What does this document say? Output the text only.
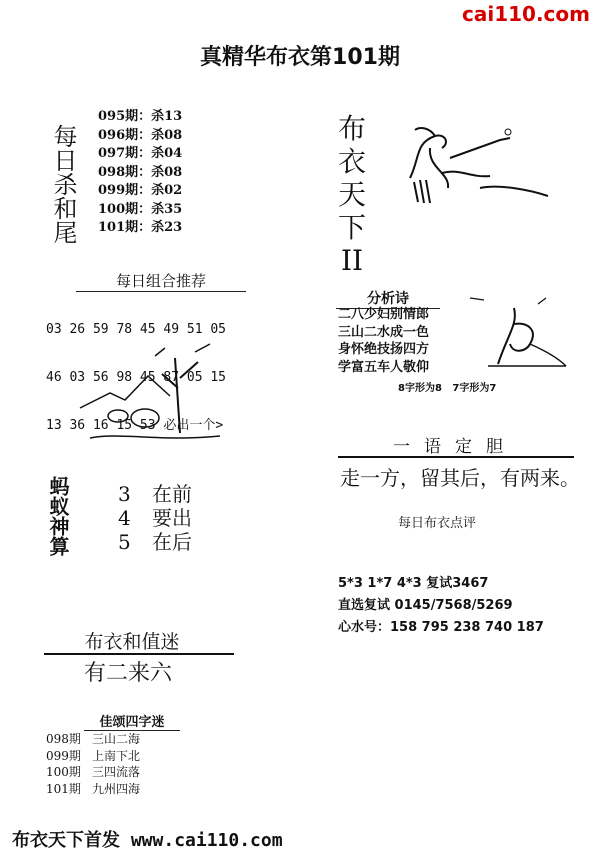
cai110.com
真精华布衣第101期
每日杀和尾
095期：杀13
096期：杀08
097期：杀04
098期：杀08
099期：杀02
100期：杀35
101期：杀23
布
衣
天
下
II
每日组合推荐

03 26 59 78 45 49 51 05

46 03 56 98 45 87 05 15

13 36 16 15 53 必出一个>

分析诗
二八少妇别情郎
三山二水成一色
身怀绝技扬四方
学富五车人敬仰
8字形为8   7字形为7
蚂蚁神算 3 在前
4 要出
5 在后
一语定胆
走一方，留其后，有两来。
每日布衣点评
5*3 1*7 4*3 复试3467
直选复试 0145/7568/5269
心水号：158 795 238 740 187
布衣和值迷
有二来六
佳颂四字迷
098期 三山二海
099期 上南下北
100期 三四流落
101期 九州四海
布衣天下首发 www.cai110.com
